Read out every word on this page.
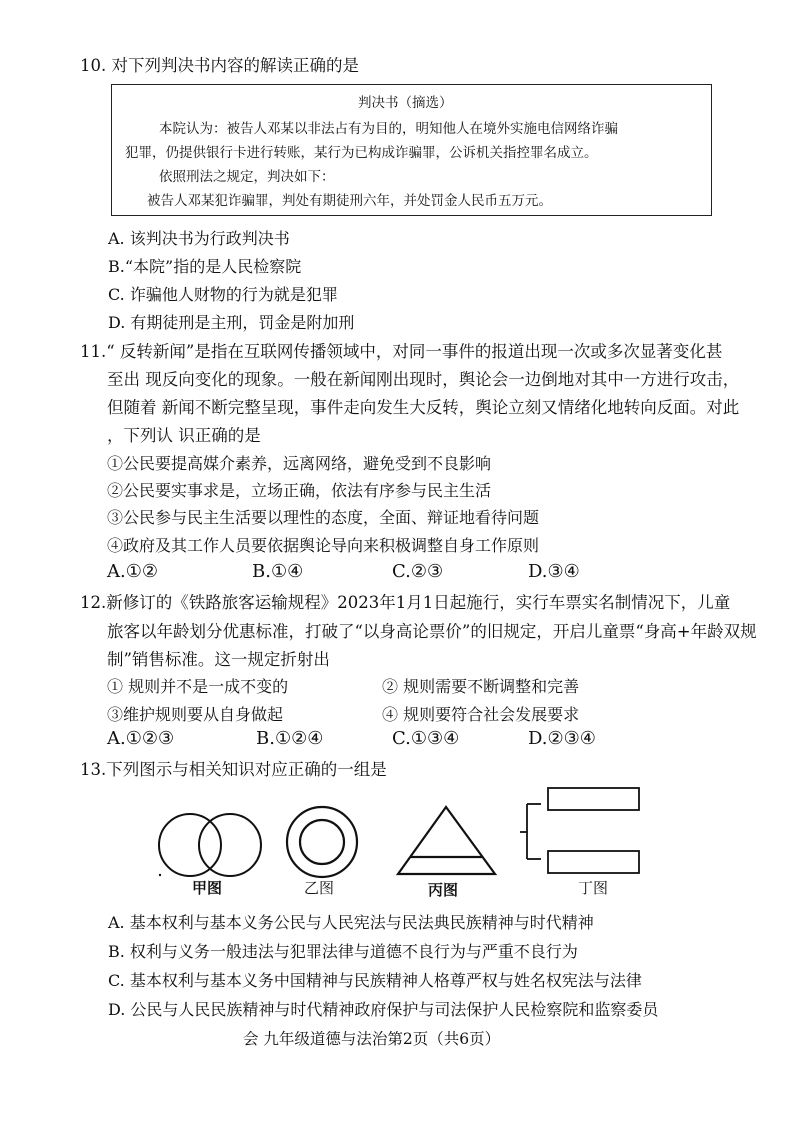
10. 对下列判决书内容的解读正确的是
判决书（摘选）
本院认为：被告人邓某以非法占有为目的，明知他人在境外实施电信网络诈骗
犯罪，仍提供银行卡进行转账，某行为已构成诈骗罪，公诉机关指控罪名成立。
依照刑法之规定，判决如下：
被告人邓某犯诈骗罪，判处有期徒刑六年，并处罚金人民币五万元。
A. 该判决书为行政判决书
B.“本院”指的是人民检察院
C. 诈骗他人财物的行为就是犯罪
D. 有期徒刑是主刑，罚金是附加刑
11.“ 反转新闻”是指在互联网传播领域中，对同一事件的报道出现一次或多次显著变化甚
至出 现反向变化的现象。一般在新闻刚出现时，舆论会一边倒地对其中一方进行攻击，
但随着 新闻不断完整呈现，事件走向发生大反转，舆论立刻又情绪化地转向反面。对此
，下列认 识正确的是
①公民要提高媒介素养，远离网络，避免受到不良影响
②公民要实事求是，立场正确，依法有序参与民主生活
③公民参与民主生活要以理性的态度，全面、辩证地看待问题
④政府及其工作人员要依据舆论导向来积极调整自身工作原则
A.①②	B.①④	C.②③	D.③④
12.新修订的《铁路旅客运输规程》2023年1月1日起施行，实行车票实名制情况下，儿童
旅客以年龄划分优惠标准，打破了“以身高论票价”的旧规定，开启儿童票“身高+年龄双规
制”销售标准。这一规定折射出
① 规则并不是一成不变的	② 规则需要不断调整和完善
③维护规则要从自身做起	④ 规则要符合社会发展要求
A.①②③	B.①②④	C.①③④	D.②③④
13.下列图示与相关知识对应正确的一组是
甲图	乙图	丙图	丁图
A. 基本权利与基本义务公民与人民宪法与民法典民族精神与时代精神
B. 权利与义务一般违法与犯罪法律与道德不良行为与严重不良行为
C. 基本权利与基本义务中国精神与民族精神人格尊严权与姓名权宪法与法律
D. 公民与人民民族精神与时代精神政府保护与司法保护人民检察院和监察委员
会 九年级道德与法治第2页（共6页）
